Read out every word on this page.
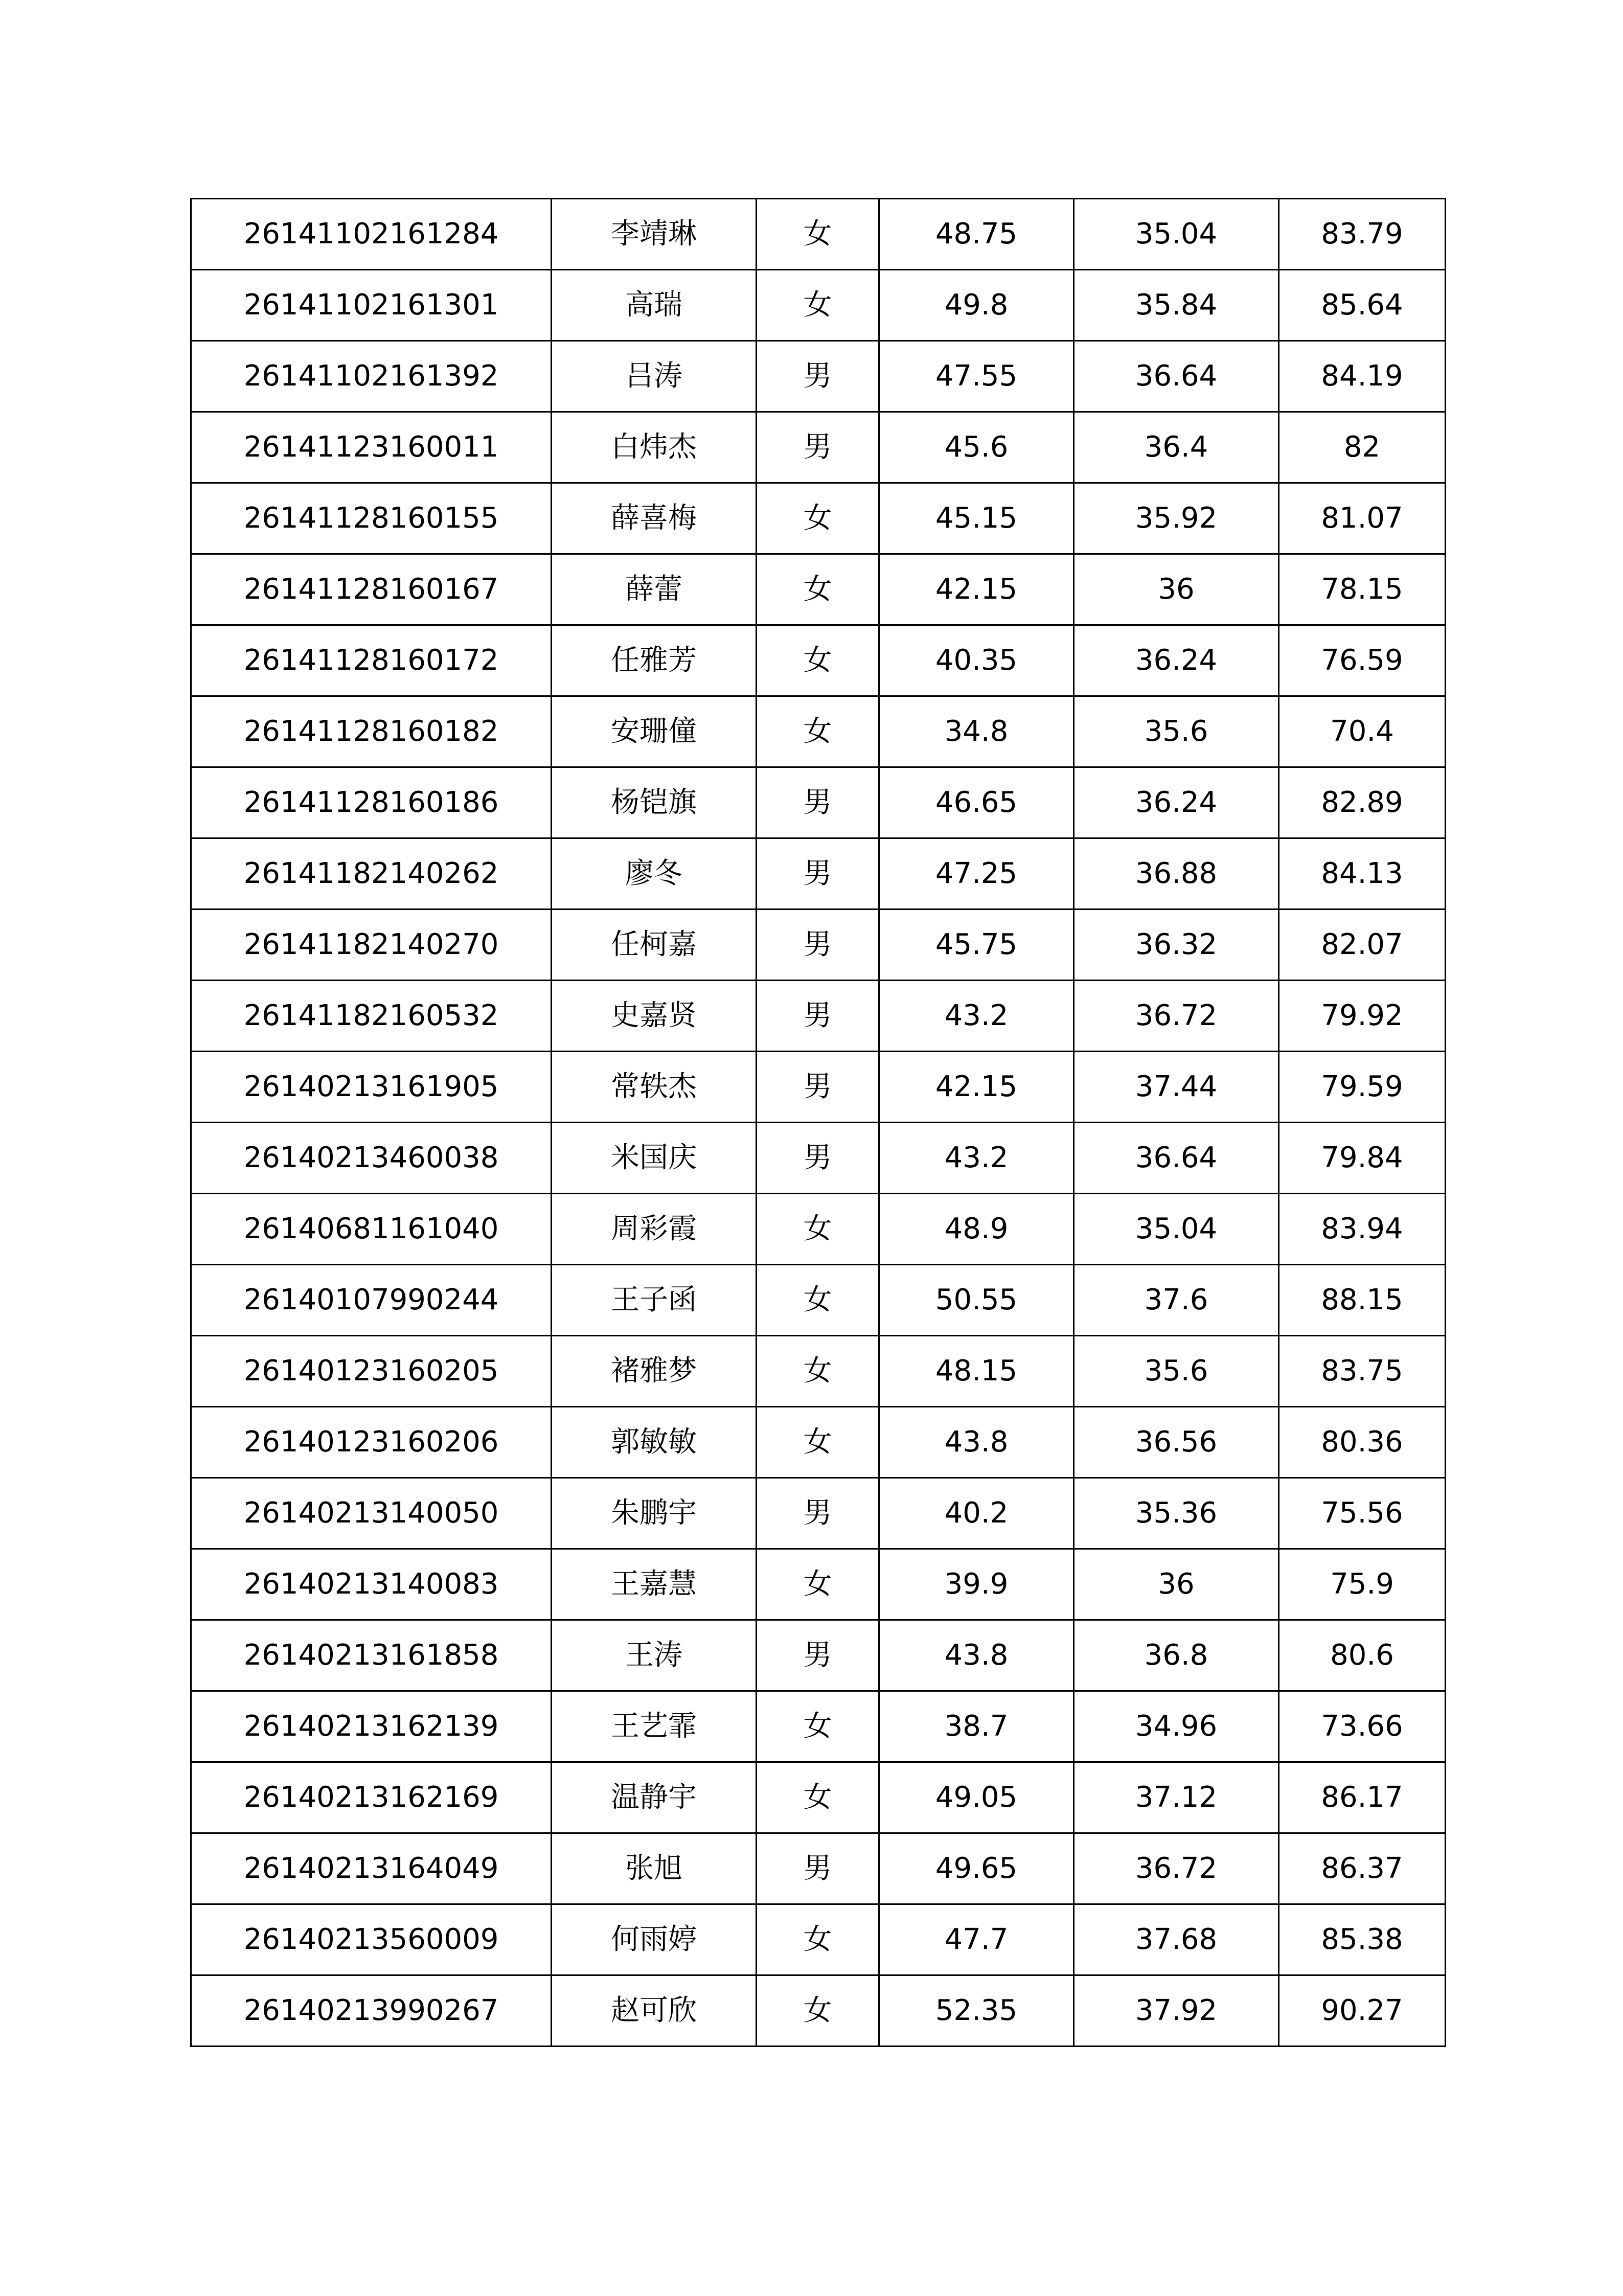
26141102161284	李靖琳	女	48.75	35.04	83.79
26141102161301	高瑞	女	49.8	35.84	85.64
26141102161392	吕涛	男	47.55	36.64	84.19
26141123160011	白炜杰	男	45.6	36.4	82
26141128160155	薛喜梅	女	45.15	35.92	81.07
26141128160167	薛蕾	女	42.15	36	78.15
26141128160172	任雅芳	女	40.35	36.24	76.59
26141128160182	安珊僮	女	34.8	35.6	70.4
26141128160186	杨铠旗	男	46.65	36.24	82.89
26141182140262	廖冬	男	47.25	36.88	84.13
26141182140270	任柯嘉	男	45.75	36.32	82.07
26141182160532	史嘉贤	男	43.2	36.72	79.92
26140213161905	常轶杰	男	42.15	37.44	79.59
26140213460038	米国庆	男	43.2	36.64	79.84
26140681161040	周彩霞	女	48.9	35.04	83.94
26140107990244	王子函	女	50.55	37.6	88.15
26140123160205	褚雅梦	女	48.15	35.6	83.75
26140123160206	郭敏敏	女	43.8	36.56	80.36
26140213140050	朱鹏宇	男	40.2	35.36	75.56
26140213140083	王嘉慧	女	39.9	36	75.9
26140213161858	王涛	男	43.8	36.8	80.6
26140213162139	王艺霏	女	38.7	34.96	73.66
26140213162169	温静宇	女	49.05	37.12	86.17
26140213164049	张旭	男	49.65	36.72	86.37
26140213560009	何雨婷	女	47.7	37.68	85.38
26140213990267	赵可欣	女	52.35	37.92	90.27
